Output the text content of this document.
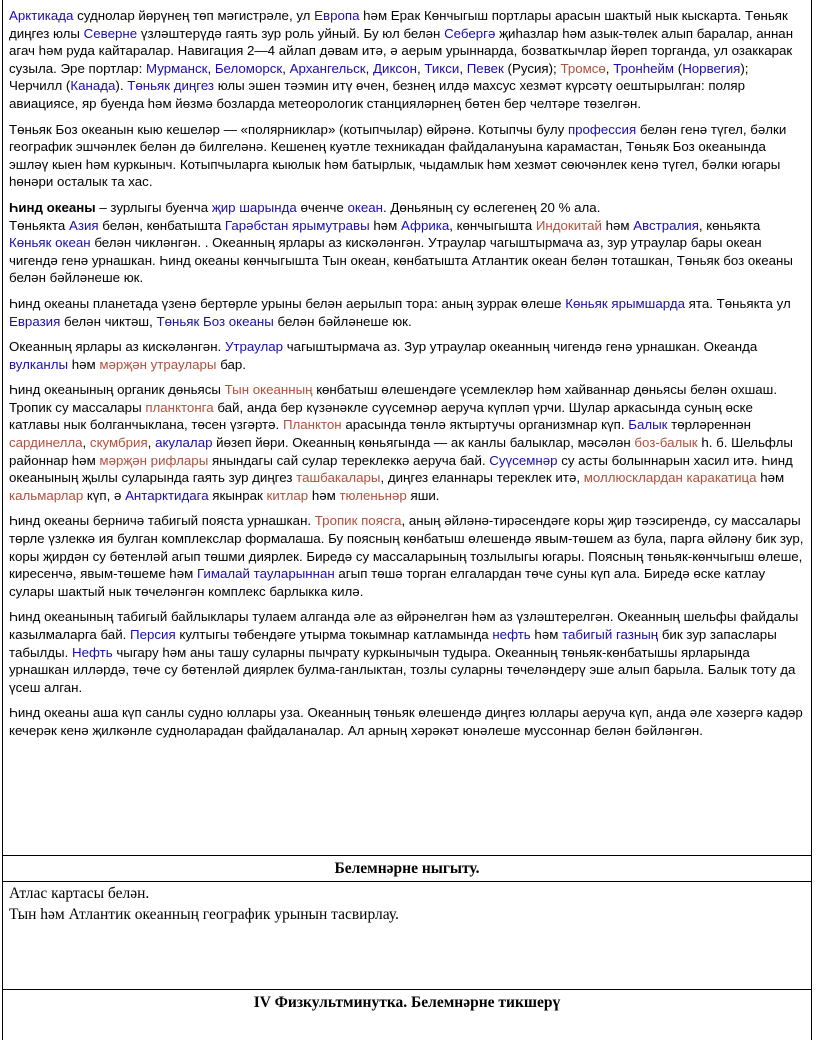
Арктикада суднолар йөрүнең төп мәгистрәле, ул Европа һәм Ерак Көнчыгыш портлары арасын шактый нык кыскарта. Төньяк диңгез юлы Северне үзләштерүдә гаять зур роль уйный. Бу юл белән Себергә җиһазлар һәм азык-төлек алып баралар, аннан агач һәм руда кайтаралар. Навигация 2—4 айлап дәвам итә, ә аерым урыннарда, бозваткычлар йөреп торганда, ул озаккарак сузыла. Эре портлар: Мурманск, Беломорск, Архангельск, Диксон, Тикси, Певек (Русия); Тромсө, Тронһейм (Норвегия); Черчилл (Канада). Төньяк диңгез юлы эшен тәэмин итү өчен, безнең илдә махсус хезмәт күрсәтү оешты​рылган: поляр авиациясе, яр буенда һәм йөзмә бозларда метеорологик станцияләрнең бөтен бер челтәре төзелгән.

Төньяк Боз океанын кыю кешеләр — «полярниклар» (котыпчылар) өйрәнә. Котыпчы булу профессия белән генә түгел, бәлки географик эшчәнлек белән дә билгеләнә. Кешенең куәтле техникадан файдалануына карамастан, Төньяк Боз океанында эшләү кыен һәм куркыныч. Котыпчыларга кыюлык һәм батырлык, чыдамлык һәм хезмәт сөючәнлек кенә түгел, бәлки югары һөнәри осталык та хас.

Һинд океаны – зурлыгы буенча җир шарында өченче океан. Дөньяның су өслегенең 20 % ала.
Төньякта Азия белән, көнбатышта Гарәбстан ярымутравы һәм Африка, көнчыгышта Индокитай һәм Австралия, көньякта Көньяк океан белән чикләнгән. . Океанның ярлары аз кискәләнгән. Утраулар чагыштырмача аз, зур утраулар бары океан чигендә генә урнашкан. Һинд океаны көнчыгышта Тын океан, көнбатышта Атлантик океан белән тоташкан, Төньяк боз океаны белән бәйләнеше юк.

Һинд океаны планетада үзенә бертөрле урыны белән аерылып тора: аның зуррак өлеше Көньяк ярымшарда ята. Төньякта ул Евразия белән чиктәш, Төньяк Боз океаны белән бәйләнеше юк.

Океанның ярлары аз кискәләнгән. Утраулар чагыштырмача аз. Зур утраулар океанның чигендә генә урнашкан. Океанда вулканлы һәм мәрҗән утраулары бар.

Һинд океанының органик дөньясы Тын океанның көнбатыш өлешендәге үсемлекләр һәм хайваннар дөньясы белән охшаш. Тропик су массалары планктонга бай, анда бер күзәнәкле су​үсемнәр аеруча күпләп үрчи. Шулар аркасында суның өске катлавы нык болганчыклана, төсен үзгәртә. Планктон арасында төнлә яктыртучы организмнар күп. Балык төрләреннән сардинелла, скумбрия, акулалар йөзеп йөри. Океанның көньягында — ак канлы балыклар, мәсәлән боз-балык һ. б. Шельфлы районнар һәм мәрҗән рифлары янындагы сай сулар тереклеккә аеруча бай. Суүсемнәр су асты болынна​рын хасил итә. Һинд океанының җылы суларында гаять зур диңгез ташбакалары, диңгез еланнары тереклек итә, моллюсклардан каракатица һәм кальмарлар күп, ә Антарктидага якынрак китлар һәм тюленьнәр яши.

Һинд океаны берничә табигый пояста урнашкан. Тропик поясга, аның әйләнә-тирәсендәге коры җир тәэсирендә, су массалары төрле үзлеккә ия булган комплекслар формалаша. Бу поясның көнбатыш өлешендә явым-төшем аз була, парга әйләну бик зур, коры җирдән су бөтенләй агып төшми диярлек. Биредә су массаларының тозлылыгы югары. Поясның төньяк-көнчыгыш өлеше, киресенчә, явым-төшеме һәм Гималай тауларыннан агып төшә торган елгалардан төче суны күп ала. Биредә өске катлау сулары шактый нык төчеләнгән комплекс барлыкка килә.

Һинд океанының табигый байлыклары тулаем алганда әле аз өйрәнелгән һәм аз үзләштерелгән. Океанның шельфы файдалы казылмаларга бай. Персия култыгы төбендәге утырма токымнар катламында нефть һәм табигый газның бик зур запаслары табылды. Нефть чыгару һәм аны ташу суларны пычрату куркынычын тудыра. Океанның төньяк-көнбатышы ярларында урнашкан илләрдә, төче су бөтенләй диярлек булма-ганлыктан, тозлы суларны төчеләндерү эше алып барыла. Балык тоту да үсеш алган.

Һинд океаны аша күп санлы судно юллары уза. Океанның төньяк өлешендә диңгез юллары аеруча күп, анда әле хәзергә кадәр кечерәк кенә җилкәнле судноларадан файдаланалар. Ал арның хәрәкәт юнәлеше муссоннар белән бәйләнгән.

Белемнәрне ныгыту.
Атлас картасы белән.
Тын һәм Атлантик океанның географик урынын тасвирлау.
IV Физкультминутка. Белемнәрне тикшерү
